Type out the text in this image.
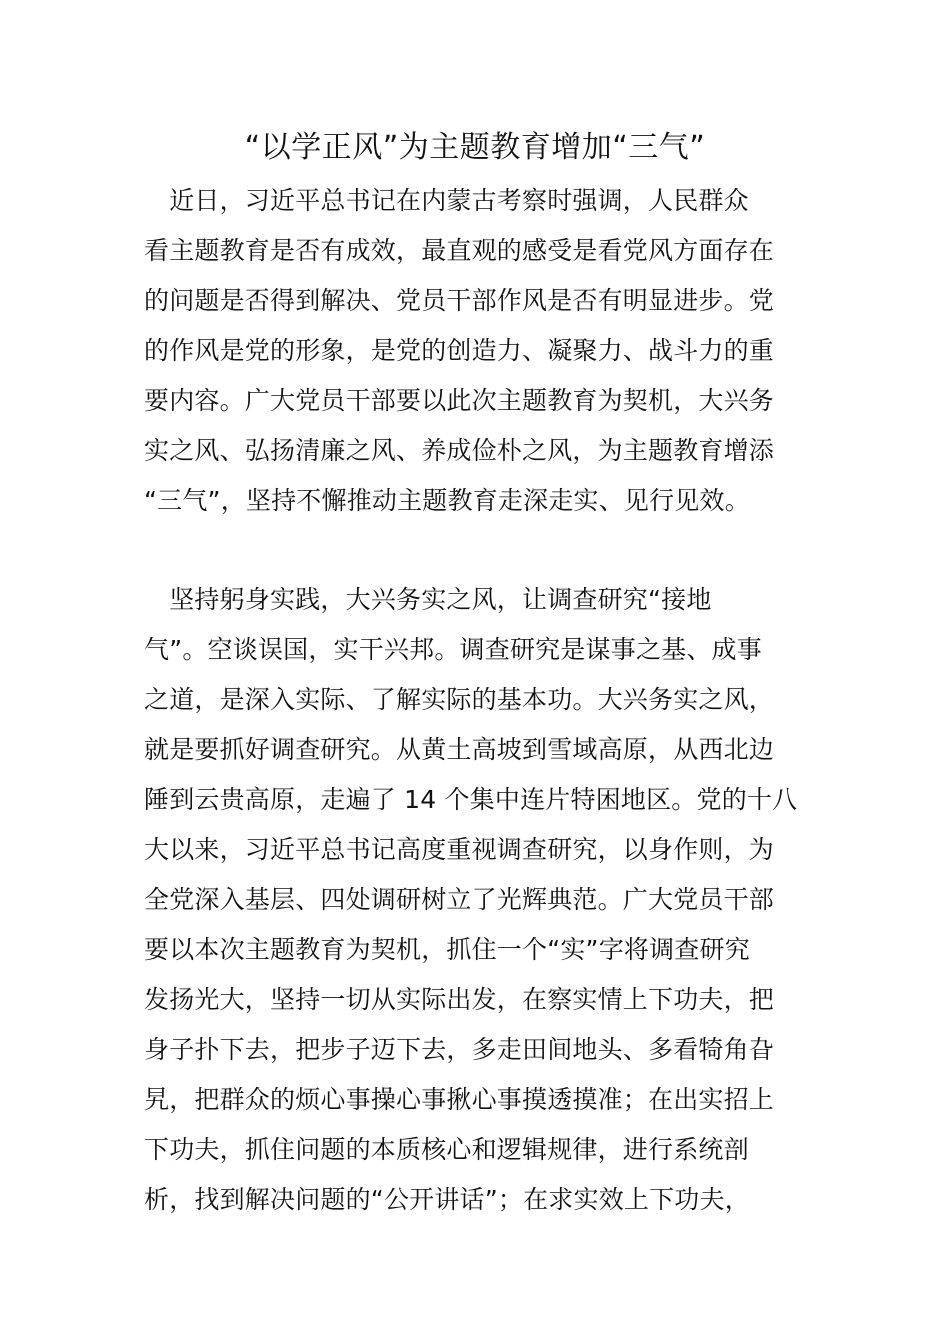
“以学正风”为主题教育增加“三气”
　近日，习近平总书记在内蒙古考察时强调，人民群众
看主题教育是否有成效，最直观的感受是看党风方面存在
的问题是否得到解决、党员干部作风是否有明显进步。党
的作风是党的形象，是党的创造力、凝聚力、战斗力的重
要内容。广大党员干部要以此次主题教育为契机，大兴务
实之风、弘扬清廉之风、养成俭朴之风，为主题教育增添
“三气”，坚持不懈推动主题教育走深走实、见行见效。
　坚持躬身实践，大兴务实之风，让调查研究“接地
气”。空谈误国，实干兴邦。调查研究是谋事之基、成事
之道，是深入实际、了解实际的基本功。大兴务实之风，
就是要抓好调查研究。从黄土高坡到雪域高原，从西北边
陲到云贵高原，走遍了 14 个集中连片特困地区。党的十八
大以来，习近平总书记高度重视调查研究，以身作则，为
全党深入基层、四处调研树立了光辉典范。广大党员干部
要以本次主题教育为契机，抓住一个“实”字将调查研究
发扬光大，坚持一切从实际出发，在察实情上下功夫，把
身子扑下去，把步子迈下去，多走田间地头、多看犄角旮
旯，把群众的烦心事操心事揪心事摸透摸准；在出实招上
下功夫，抓住问题的本质核心和逻辑规律，进行系统剖
析，找到解决问题的“公开讲话”；在求实效上下功夫，
